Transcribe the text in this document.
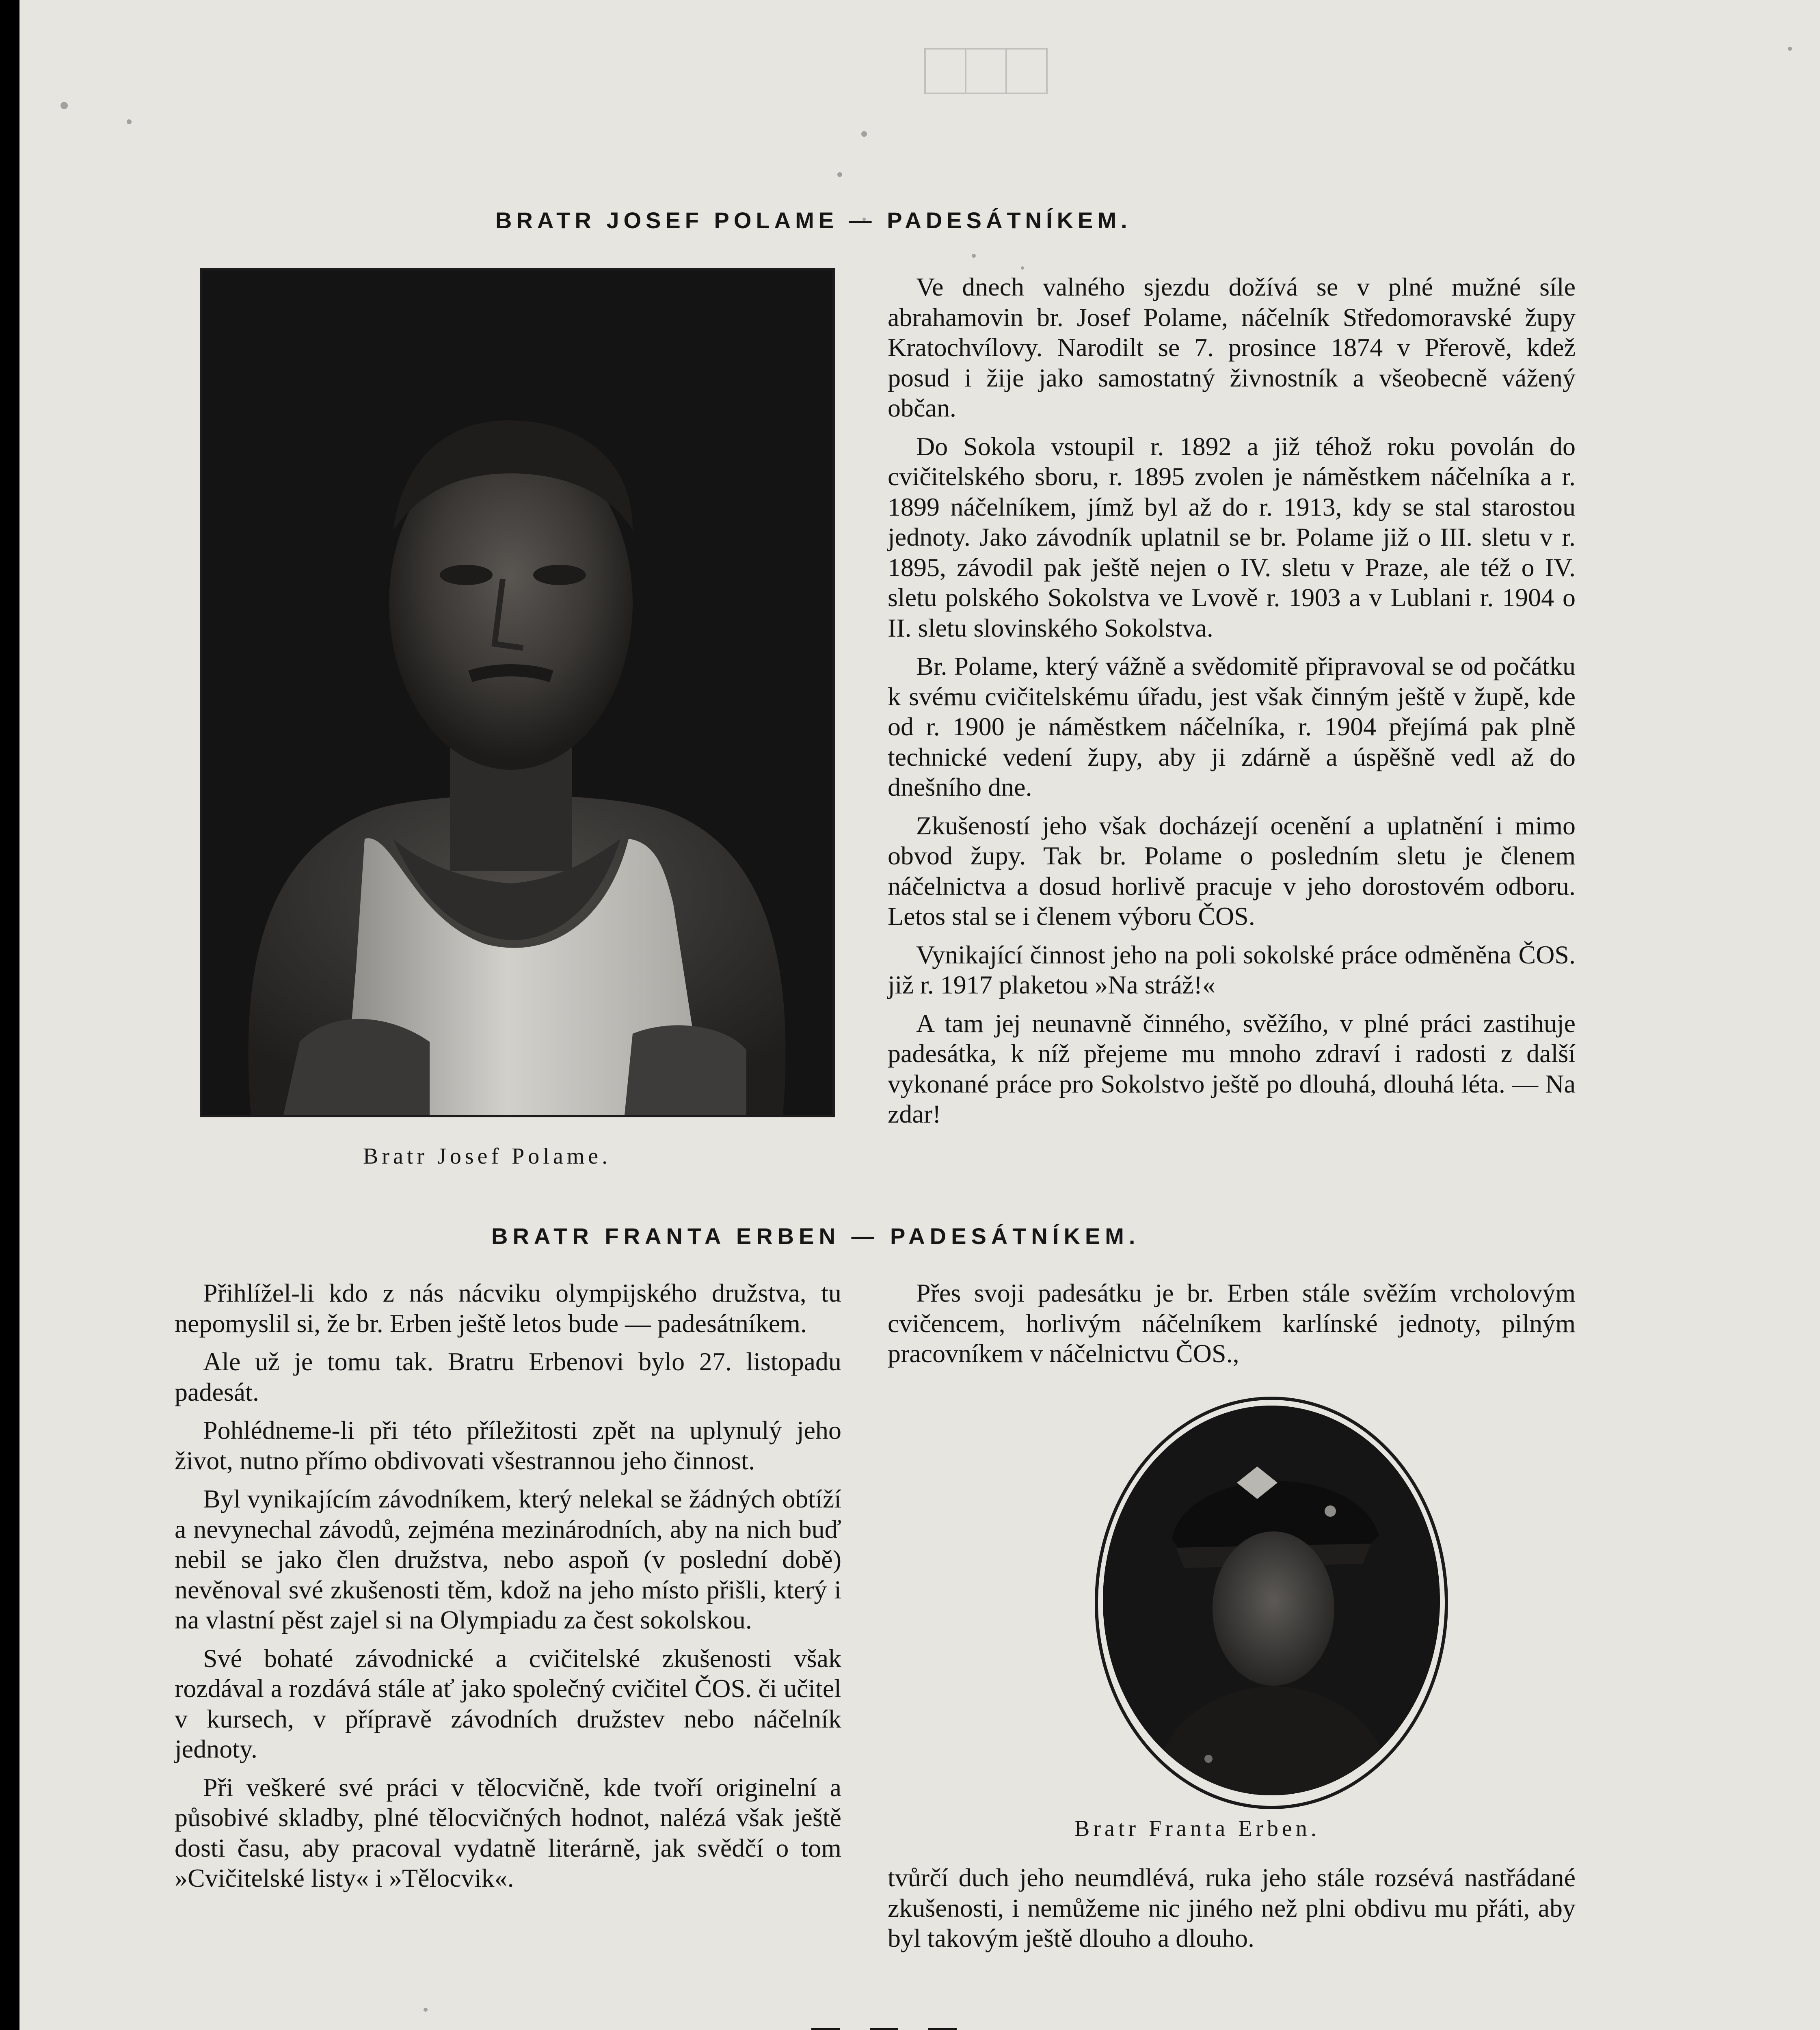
BRATR JOSEF POLAME — PADESÁTNÍKEM.
Bratr Josef Polame.

Ve dnech valného sjezdu dožívá se v plné mužné síle abrahamovin br. Josef Polame, náčelník Středomoravské župy Kratochvílovy. Narodilt se 7. prosince 1874 v Přerově, kdež posud i žije jako samostatný živnostník a všeobecně vážený občan.

Do Sokola vstoupil r. 1892 a již téhož roku povolán do cvičitelského sboru, r. 1895 zvolen je náměstkem náčelníka a r. 1899 náčelníkem, jímž byl až do r. 1913, kdy se stal starostou jednoty. Jako závodník uplatnil se br. Polame již o III. sletu v r. 1895, závodil pak ještě nejen o IV. sletu v Praze, ale též o IV. sletu polského Sokolstva ve Lvově r. 1903 a v Lublani r. 1904 o II. sletu slovinského Sokolstva.

Br. Polame, který vážně a svědomitě připravoval se od počátku k svému cvičitelskému úřadu, jest však činným ještě v župě, kde od r. 1900 je náměstkem náčelníka, r. 1904 přejímá pak plně technické vedení župy, aby ji zdárně a úspěšně vedl až do dnešního dne.

Zkušeností jeho však docházejí ocenění a uplatnění i mimo obvod župy. Tak br. Polame o posledním sletu je členem náčelnictva a dosud horlivě pracuje v jeho dorostovém odboru. Letos stal se i členem výboru ČOS.

Vynikající činnost jeho na poli sokolské práce odměněna ČOS. již r. 1917 plaketou »Na stráž!«

A tam jej neunavně činného, svěžího, v plné práci zastihuje padesátka, k níž přejeme mu mnoho zdraví i radosti z další vykonané práce pro Sokolstvo ještě po dlouhá, dlouhá léta. — Na zdar!

BRATR FRANTA ERBEN — PADESÁTNÍKEM.

Přihlížel-li kdo z nás nácviku olympijského družstva, tu nepomyslil si, že br. Erben ještě letos bude — padesátníkem.

Ale už je tomu tak. Bratru Erbenovi bylo 27. listopadu padesát.

Pohlédneme-li při této příležitosti zpět na uplynulý jeho život, nutno přímo obdivovati všestrannou jeho činnost.

Byl vynikajícím závodníkem, který nelekal se žádných obtíží a nevynechal závodů, zejména mezinárodních, aby na nich buď nebil se jako člen družstva, nebo aspoň (v poslední době) nevěnoval své zkušenosti těm, kdož na jeho místo přišli, který i na vlastní pěst zajel si na Olympiadu za čest sokolskou.

Své bohaté závodnické a cvičitelské zkušenosti však rozdával a rozdává stále ať jako společný cvičitel ČOS. či učitel v kursech, v přípravě závodních družstev nebo náčelník jednoty.

Při veškeré své práci v tělocvičně, kde tvoří originelní a působivé skladby, plné tělocvičných hodnot, nalézá však ještě dosti času, aby pracoval vydatně literárně, jak svědčí o tom »Cvičitelské listy« i »Tělocvik«.

Přes svoji padesátku je br. Erben stále svěžím vrcholovým cvičencem, horlivým náčelníkem karlínské jednoty, pilným pracovníkem v náčelnictvu ČOS.,

Bratr Franta Erben.

tvůrčí duch jeho neumdlévá, ruka jeho stále rozsévá nastřádané zkušenosti, i nemůžeme nic jiného než plni obdivu mu přáti, aby byl takovým ještě dlouho a dlouho.
